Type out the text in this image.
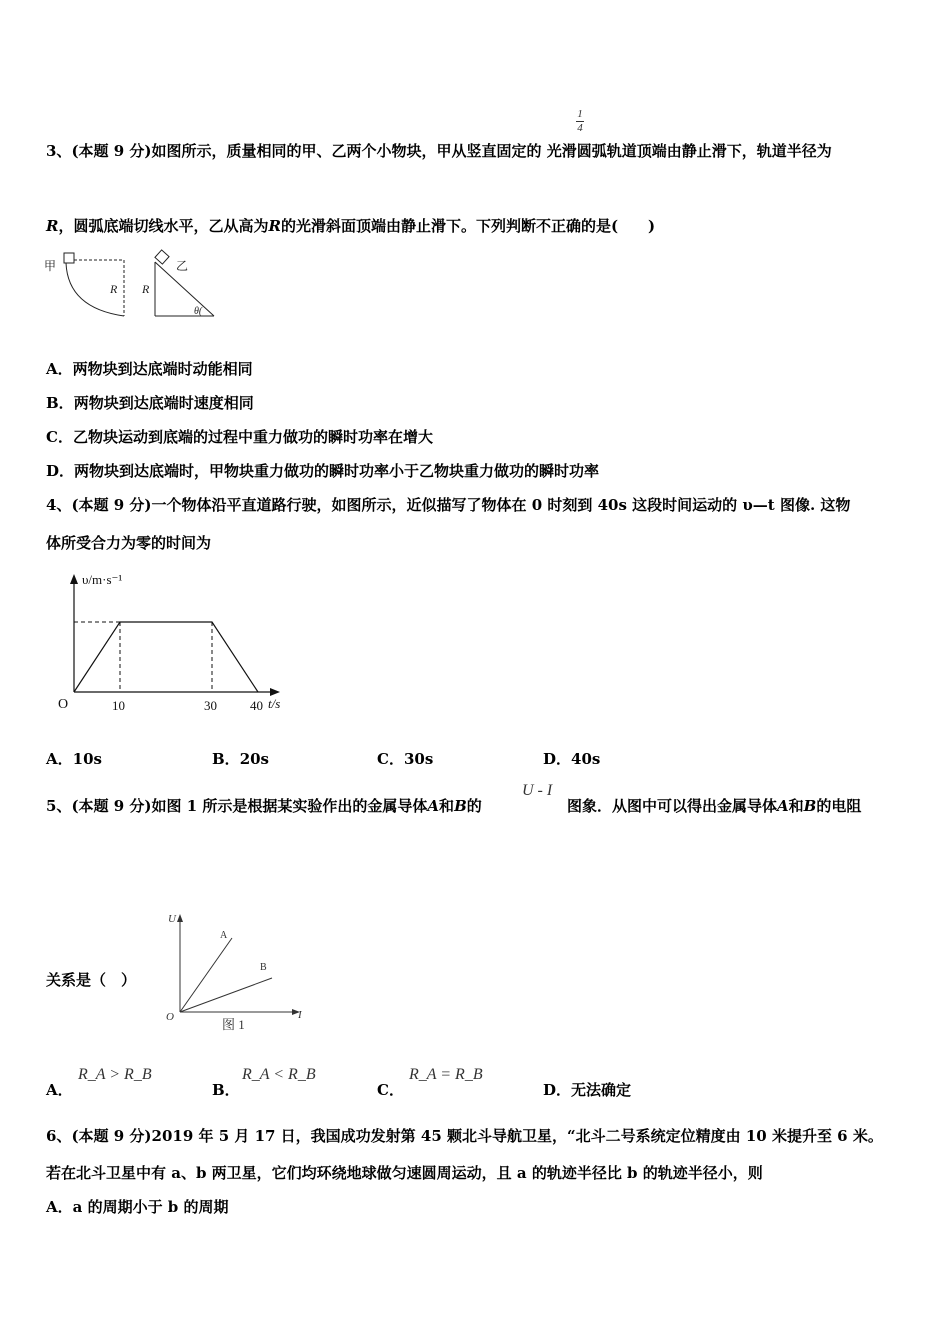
1
4
3、(本题 9 分)如图所示，质量相同的甲、乙两个小物块，甲从竖直固定的 光滑圆弧轨道顶端由静止滑下，轨道半径为
R，圆弧底端切线水平，乙从高为R的光滑斜面顶端由静止滑下。下列判断不正确的是(　　)
甲
R
乙
R
θ(
A．两物块到达底端时动能相同
B．两物块到达底端时速度相同
C．乙物块运动到底端的过程中重力做功的瞬时功率在增大
D．两物块到达底端时，甲物块重力做功的瞬时功率小于乙物块重力做功的瞬时功率
4、(本题 9 分)一个物体沿平直道路行驶，如图所示，近似描写了物体在 0 时刻到 40s 这段时间运动的 υ—t 图像. 这物
体所受合力为零的时间为
υ/m·s⁻¹
t/s
O	10	30	40
A．10s	B．20s	C．30s	D．40s
5、(本题 9 分)如图 1 所示是根据某实验作出的金属导体A和B的
U - I
图象．从图中可以得出金属导体A和B的电阻
U
I
O
A
B
图 1
关系是（　）
A．
R_A > R_B
B．
R_A < R_B
C．
R_A = R_B
D．无法确定
6、(本题 9 分)2019 年 5 月 17 日，我国成功发射第 45 颗北斗导航卫星，“北斗二号系统定位精度由 10 米提升至 6 米。
若在北斗卫星中有 a、b 两卫星，它们均环绕地球做匀速圆周运动，且 a 的轨迹半径比 b 的轨迹半径小，则
A．a 的周期小于 b 的周期
